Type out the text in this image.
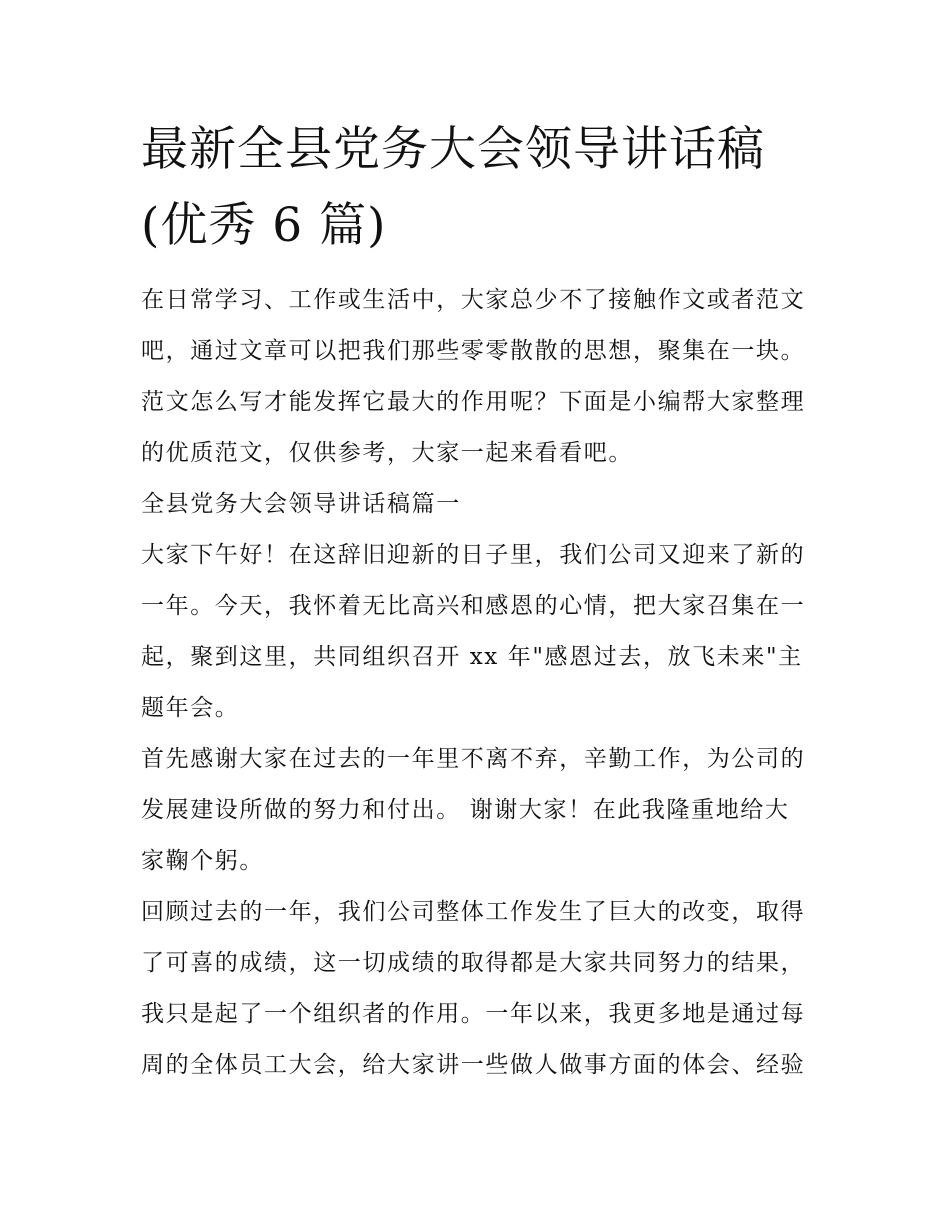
最新全县党务大会领导讲话稿
(优秀 6 篇)

在日常学习、工作或生活中，大家总少不了接触作文或者范文
吧，通过文章可以把我们那些零零散散的思想，聚集在一块。
范文怎么写才能发挥它最大的作用呢？下面是小编帮大家整理
的优质范文，仅供参考，大家一起来看看吧。

全县党务大会领导讲话稿篇一

大家下午好！在这辞旧迎新的日子里，我们公司又迎来了新的
一年。今天，我怀着无比高兴和感恩的心情，把大家召集在一
起，聚到这里，共同组织召开 xx 年"感恩过去，放飞未来"主
题年会。

首先感谢大家在过去的一年里不离不弃，辛勤工作，为公司的
发展建设所做的努力和付出。 谢谢大家！在此我隆重地给大
家鞠个躬。

回顾过去的一年，我们公司整体工作发生了巨大的改变，取得
了可喜的成绩，这一切成绩的取得都是大家共同努力的结果，
我只是起了一个组织者的作用。一年以来，我更多地是通过每
周的全体员工大会，给大家讲一些做人做事方面的体会、经验
